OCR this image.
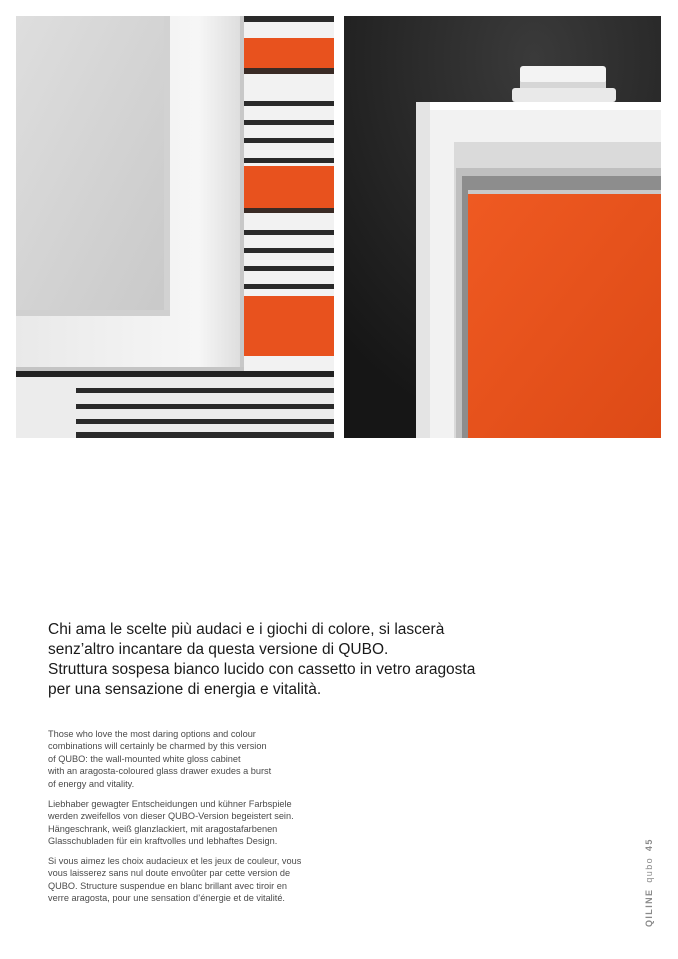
Chi ama le scelte più audaci e i giochi di colore, si lascerà
senz’altro incantare da questa versione di QUBO.
Struttura sospesa bianco lucido con cassetto in vetro aragosta
per una sensazione di energia e vitalità.

Those who love the most daring options and colour
combinations will certainly be charmed by this version
of QUBO: the wall-mounted white gloss cabinet
with an aragosta-coloured glass drawer exudes a burst
of energy and vitality.

Liebhaber gewagter Entscheidungen und kühner Farbspiele
werden zweifellos von dieser QUBO-Version begeistert sein.
Hängeschrank, weiß glanzlackiert, mit aragostafarbenen
Glasschubladen für ein kraftvolles und lebhaftes Design.

Si vous aimez les choix audacieux et les jeux de couleur, vous
vous laisserez sans nul doute envoûter par cette version de
QUBO. Structure suspendue en blanc brillant avec tiroir en
verre aragosta, pour une sensation d’énergie et de vitalité.	QILINEqubo 45
